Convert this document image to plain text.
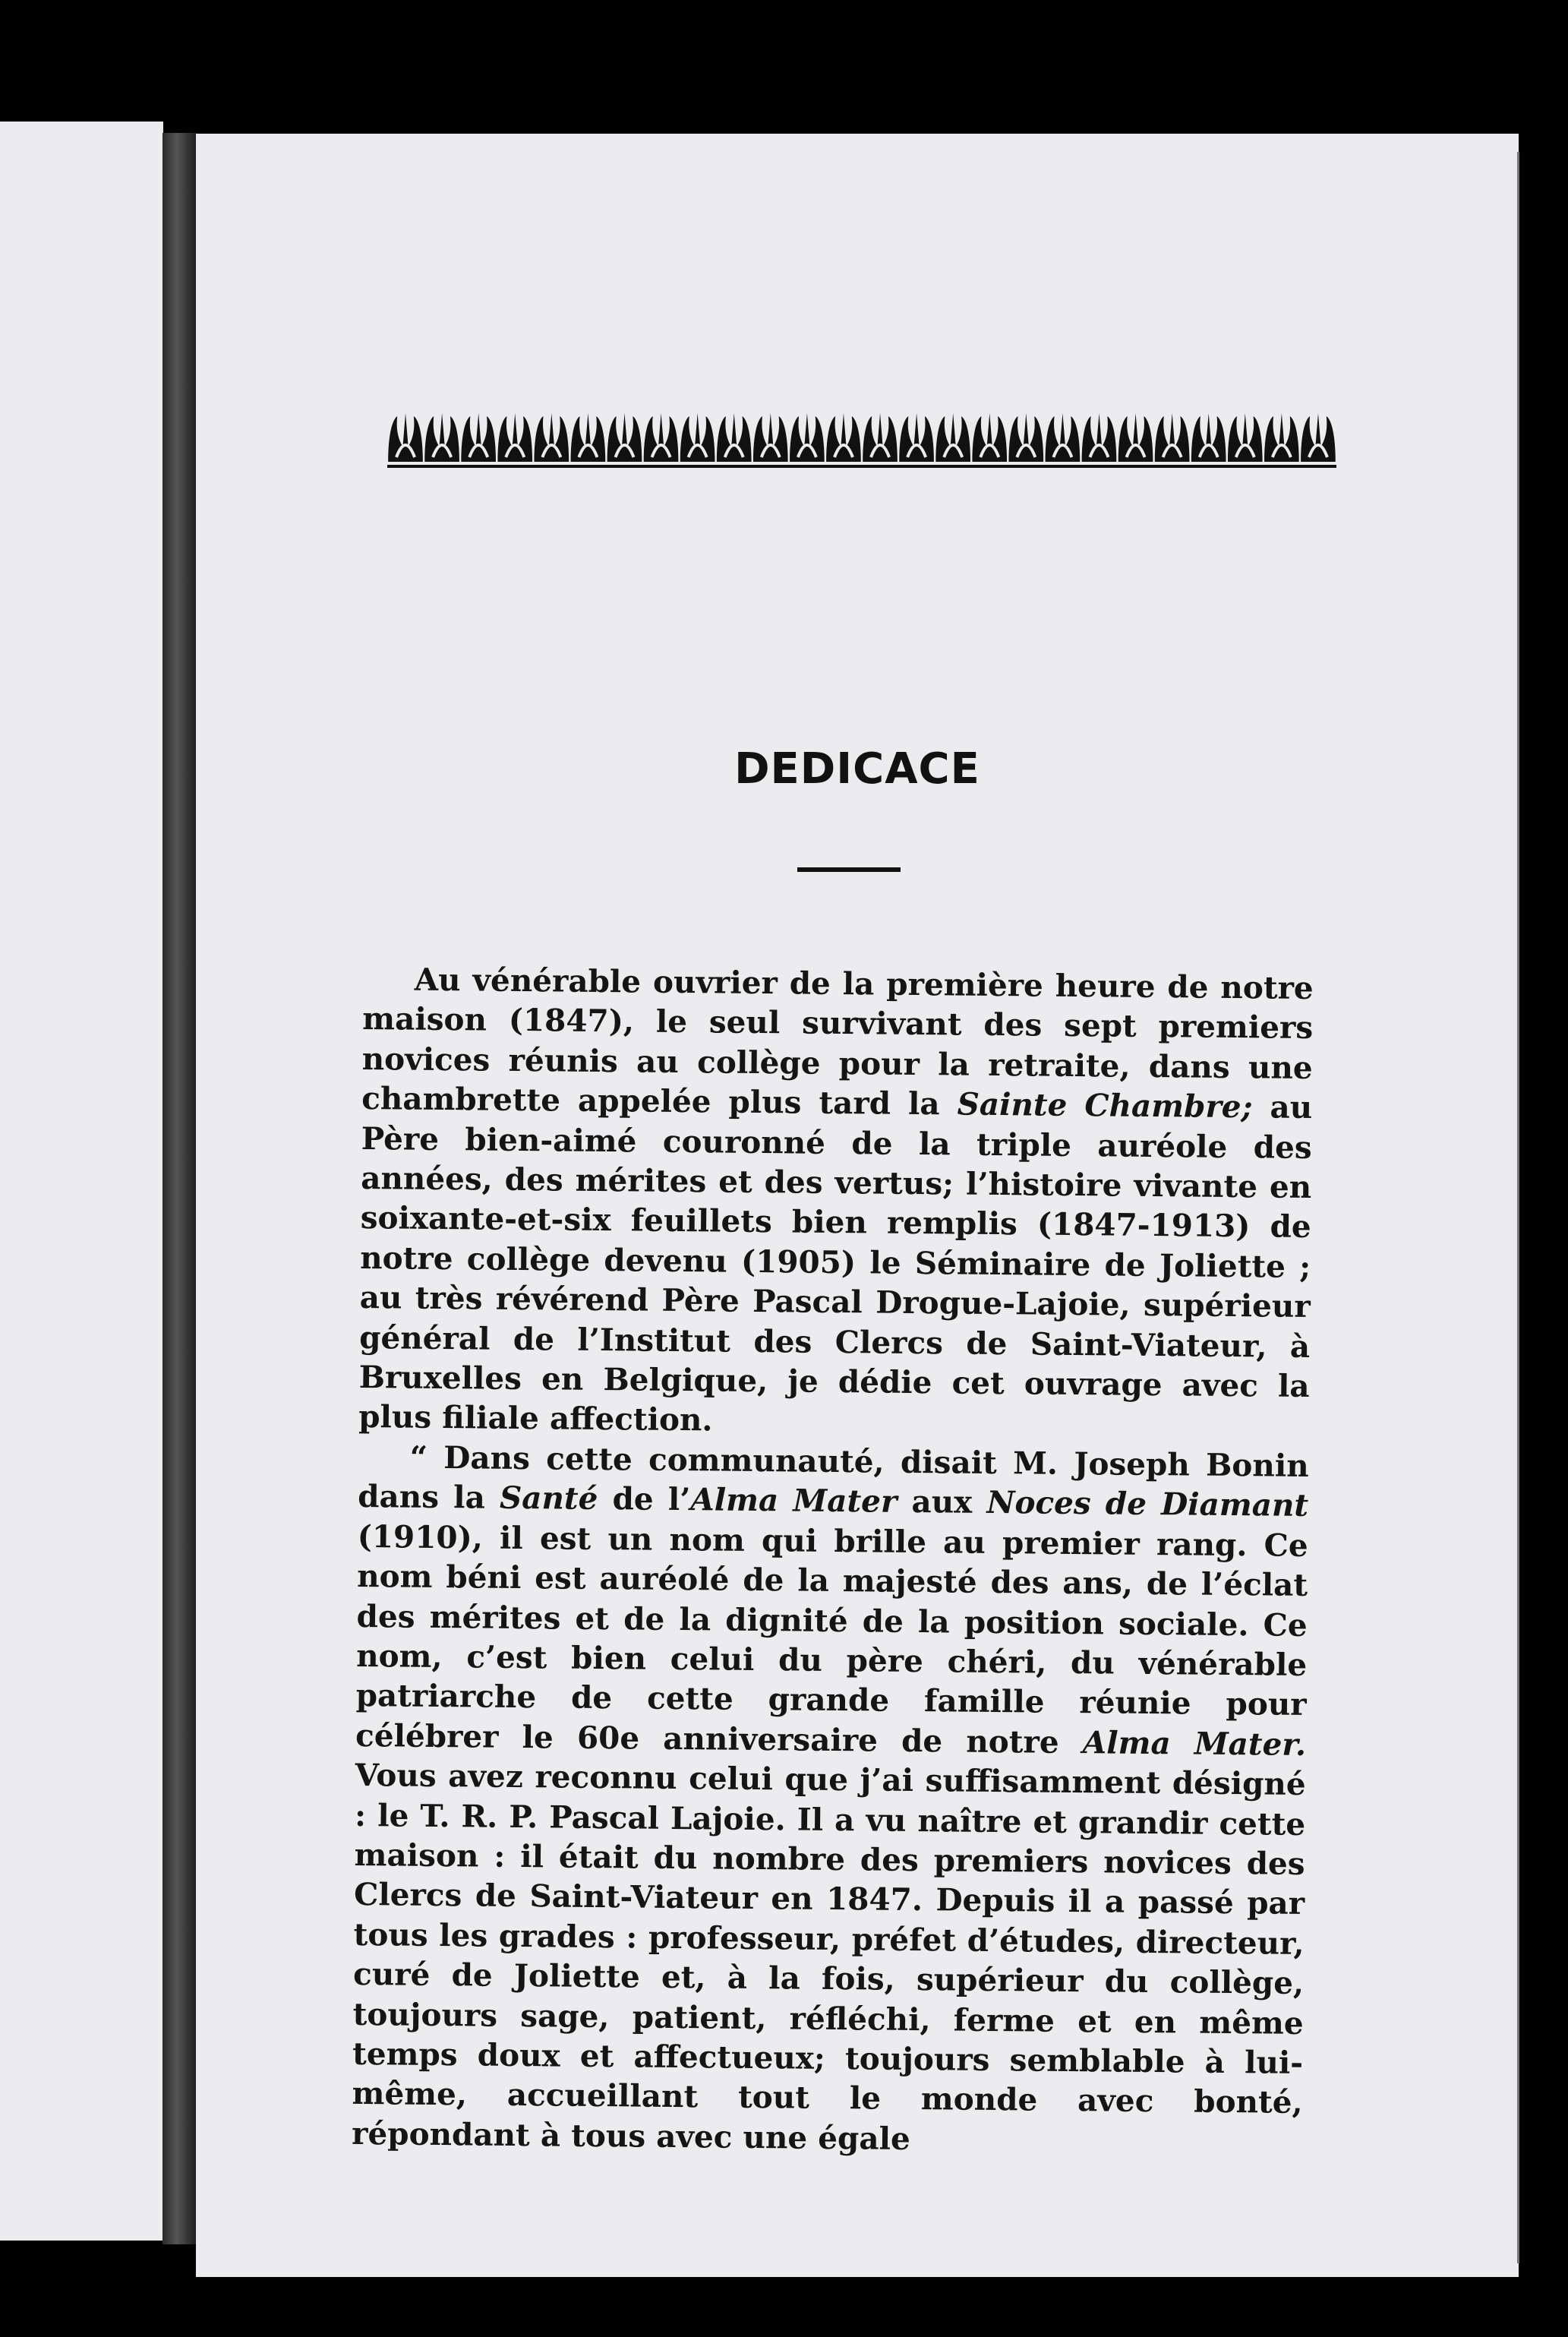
DEDICACE

Au vénérable ouvrier de la première heure de notre maison (1847), le seul survivant des sept premiers novices réunis au collège pour la retraite, dans une chambrette appelée plus tard la Sainte Chambre; au Père bien-aimé couronné de la triple auréole des années, des mérites et des vertus; l’histoire vivante en soixante-et-six feuillets bien remplis (1847-1913) de notre collège devenu (1905) le Séminaire de Joliette ; au très révérend Père Pascal Drogue-Lajoie, supérieur général de l’Institut des Clercs de Saint-Viateur, à Bruxelles en Belgique, je dédie cet ouvrage avec la plus filiale affection.

“ Dans cette communauté, disait M. Joseph Bonin dans la Santé de l’Alma Mater aux Noces de Diamant (1910), il est un nom qui brille au premier rang. Ce nom béni est auréolé de la majesté des ans, de l’éclat des mérites et de la dignité de la position sociale. Ce nom, c’est bien celui du père chéri, du vénérable patriarche de cette grande famille réunie pour célébrer le 60e anniversaire de notre Alma Mater. Vous avez reconnu celui que j’ai suffisamment désigné : le T. R. P. Pascal Lajoie. Il a vu naître et grandir cette maison : il était du nombre des premiers novices des Clercs de Saint-Viateur en 1847. Depuis il a passé par tous les grades : professeur, préfet d’études, directeur, curé de Joliette et, à la fois, supérieur du collège, toujours sage, patient, réfléchi, ferme et en même temps doux et affectueux; toujours semblable à lui-même, accueillant tout le monde avec bonté, répondant à tous avec une égale
